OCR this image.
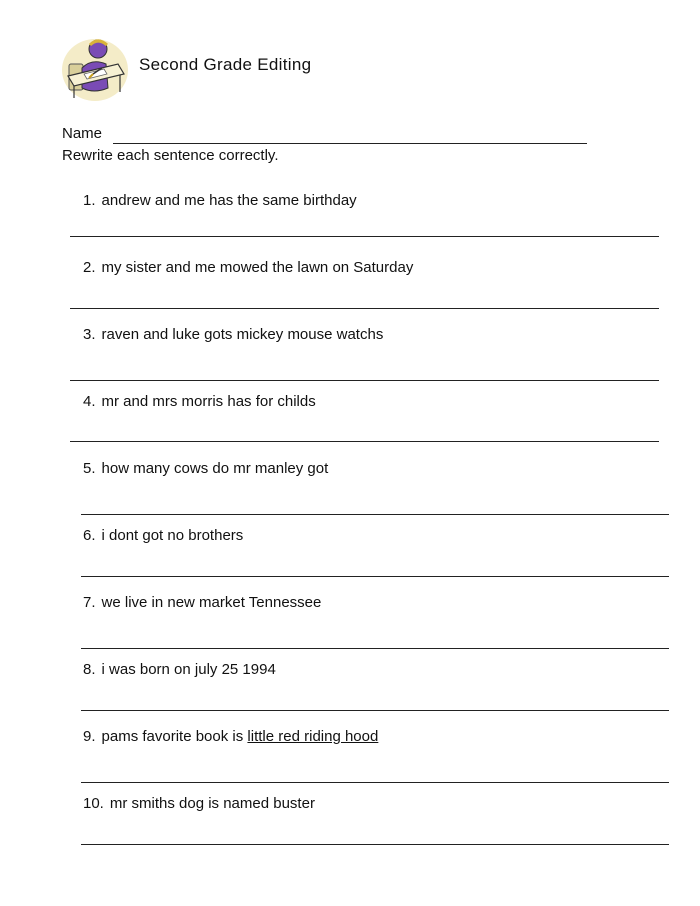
Second Grade Editing
Name
Rewrite each sentence correctly.
1. andrew and me has the same birthday
2. my sister and me mowed the lawn on Saturday
3. raven and luke gots mickey mouse watchs
4. mr and mrs morris has for childs
5. how many cows do mr manley got
6. i dont got no brothers
7. we live in new market Tennessee
8. i was born on july 25 1994
9. pams favorite book is little red riding hood
10. mr smiths dog is named buster
